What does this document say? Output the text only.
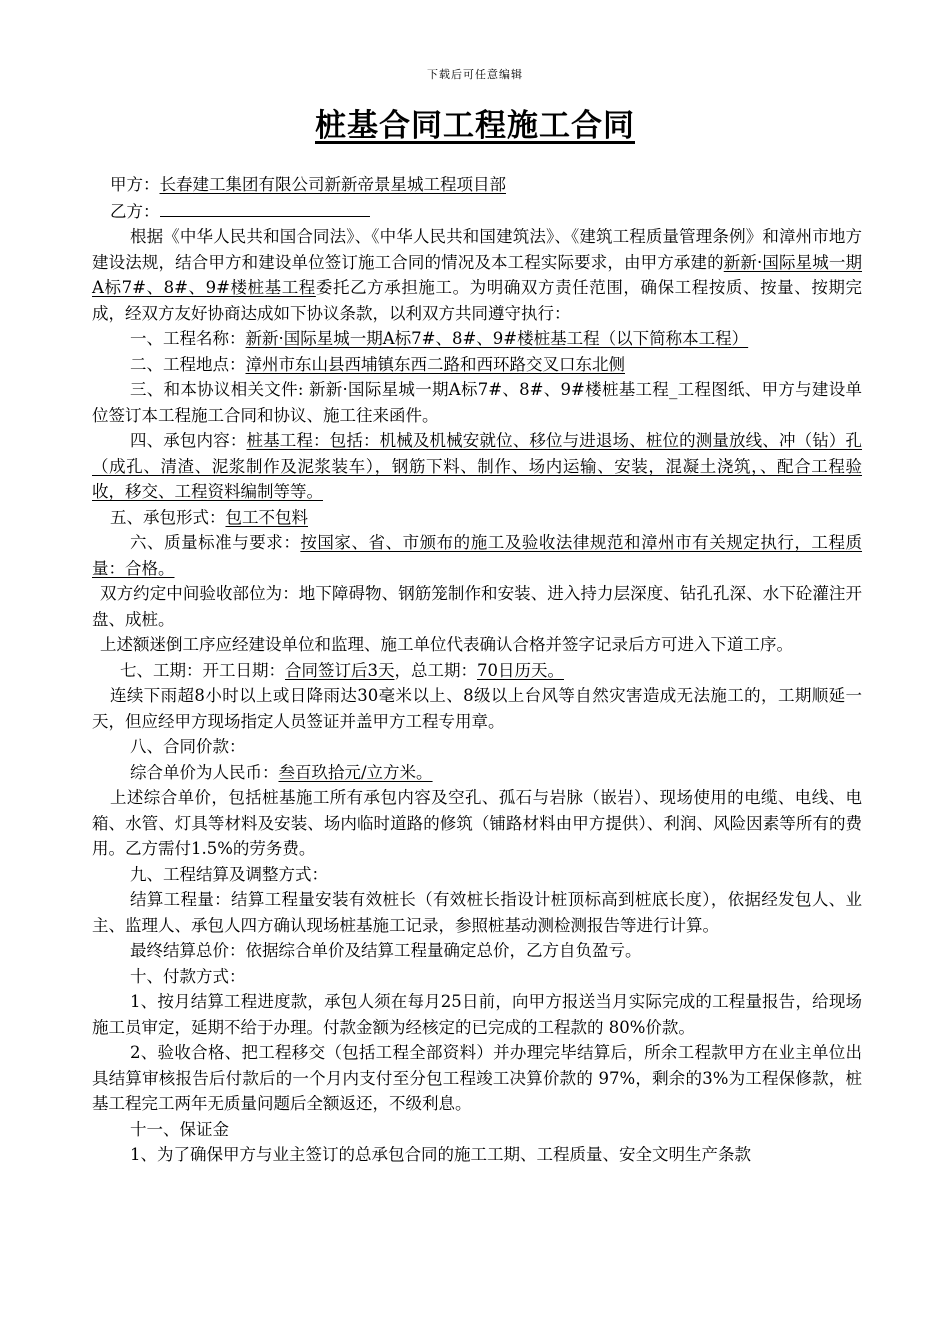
下载后可任意编辑
桩基合同工程施工合同

甲方：长春建工集团有限公司新新帝景星城工程项目部

乙方：

根据《中华人民共和国合同法》、《中华人民共和国建筑法》、《建筑工程质量管理条例》和漳州市地方建设法规，结合甲方和建设单位签订施工合同的情况及本工程实际要求，由甲方承建的新新·国际星城一期A标7#、8#、9#楼桩基工程委托乙方承担施工。为明确双方责任范围，确保工程按质、按量、按期完成，经双方友好协商达成如下协议条款，以利双方共同遵守执行：

一、工程名称：新新·国际星城一期A标7#、8#、9#楼桩基工程（以下简称本工程）

二、工程地点：漳州市东山县西埔镇东西二路和西环路交叉口东北侧

三、和本协议相关文件: 新新·国际星城一期A标7#、8#、9#楼桩基工程_工程图纸、甲方与建设单位签订本工程施工合同和协议、施工往来函件。

四、承包内容：桩基工程：包括：机械及机械安就位、移位与进退场、桩位的测量放线、冲（钻）孔（成孔、清渣、泥浆制作及泥浆装车），钢筋下料、制作、场内运输、安装，混凝土浇筑，、配合工程验收，移交、工程资料编制等等。

五、承包形式：包工不包料

六、质量标准与要求：按国家、省、市颁布的施工及验收法律规范和漳州市有关规定执行，工程质量：合格。

双方约定中间验收部位为：地下障碍物、钢筋笼制作和安装、进入持力层深度、钻孔孔深、水下砼灌注开盘、成桩。

上述额迷倒工序应经建设单位和监理、施工单位代表确认合格并签字记录后方可进入下道工序。

七、工期：开工日期：合同签订后3天，总工期：70日历天。

连续下雨超8小时以上或日降雨达30毫米以上、8级以上台风等自然灾害造成无法施工的，工期顺延一天，但应经甲方现场指定人员签证并盖甲方工程专用章。

八、合同价款：

综合单价为人民币：叁百玖拾元/立方米。

上述综合单价，包括桩基施工所有承包内容及空孔、孤石与岩脉（嵌岩）、现场使用的电缆、电线、电箱、水管、灯具等材料及安装、场内临时道路的修筑（铺路材料由甲方提供）、利润、风险因素等所有的费用。乙方需付1.5%的劳务费。

九、工程结算及调整方式：

结算工程量：结算工程量安装有效桩长（有效桩长指设计桩顶标高到桩底长度），依据经发包人、业主、监理人、承包人四方确认现场桩基施工记录，参照桩基动测检测报告等进行计算。

最终结算总价：依据综合单价及结算工程量确定总价，乙方自负盈亏。

十、付款方式：

1、按月结算工程进度款，承包人须在每月25日前，向甲方报送当月实际完成的工程量报告，给现场施工员审定，延期不给于办理。付款金额为经核定的已完成的工程款的 80%价款。

2、验收合格、把工程移交（包括工程全部资料）并办理完毕结算后，所余工程款甲方在业主单位出具结算审核报告后付款后的一个月内支付至分包工程竣工决算价款的 97%，剩余的3%为工程保修款，桩基工程完工两年无质量问题后全额返还，不级利息。

十一、保证金

1、为了确保甲方与业主签订的总承包合同的施工工期、工程质量、安全文明生产条款
